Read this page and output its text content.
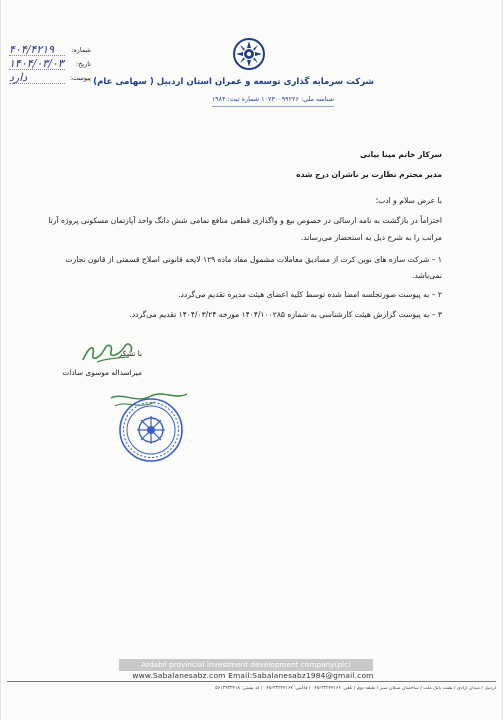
شرکت سرمایه گذاری توسعه و عمران استان اردبیل ( سهامی عام)
شناسه ملی: ۱۰۷۳۰۰۹۹۲۲۶ شماره ثبت: ۱۹۸۴
شماره:
۴۰۴/۴۲۱۹
تاریخ:
۱۴۰۴/۰۳/۰۳
پیوست:
دارد
سرکار خانم مینا بیانی
مدیر محترم نظارت بر ناشران درج شده
با عرض سلام و ادب؛
احتراماً در بازگشت به نامه ارسالی در خصوص بیع و واگذاری قطعی منافع تمامی شش دانگ واحد آپارتمان مسکونی پروژه آرتا مراتب را به شرح ذیل به استحضار می‌رساند.
۱ – شرکت سازه های نوین کرت از مصادیق معاملات مشمول مفاد ماده ۱۲۹ لایحه قانونی اصلاح قسمتی از قانون تجارت نمی‌باشد.
۲ – به پیوست صورتجلسه امضا شده توسط کلیه اعضای هیئت مدیره تقدیم می‌گردد.
۳ – به پیوست گزارش هیئت کارشناسی به شماره ۱۴۰۴/۱۰۰۲۸۵ مورخه ۱۴۰۴/۰۳/۲۴ تقدیم می‌گردد.
با تشکر
میراسداله موسوی سادات
Ardabil provincial investment development company(plc)
www.Sabalanesabz.com Email:Sabalanesabz1984@gmail.com
اردبیل / میدان آزادی / پشت بانک ملت / ساختمان سبلان سبز / طبقه دوم / تلفن: ۳۳۲۴۴۱۶۶-۰۴۵ / فاکس: ۳۳۲۴۴۱۶۷-۰۴۵ / کد پستی: ۵۶۱۳۹۳۳۴۱۸
